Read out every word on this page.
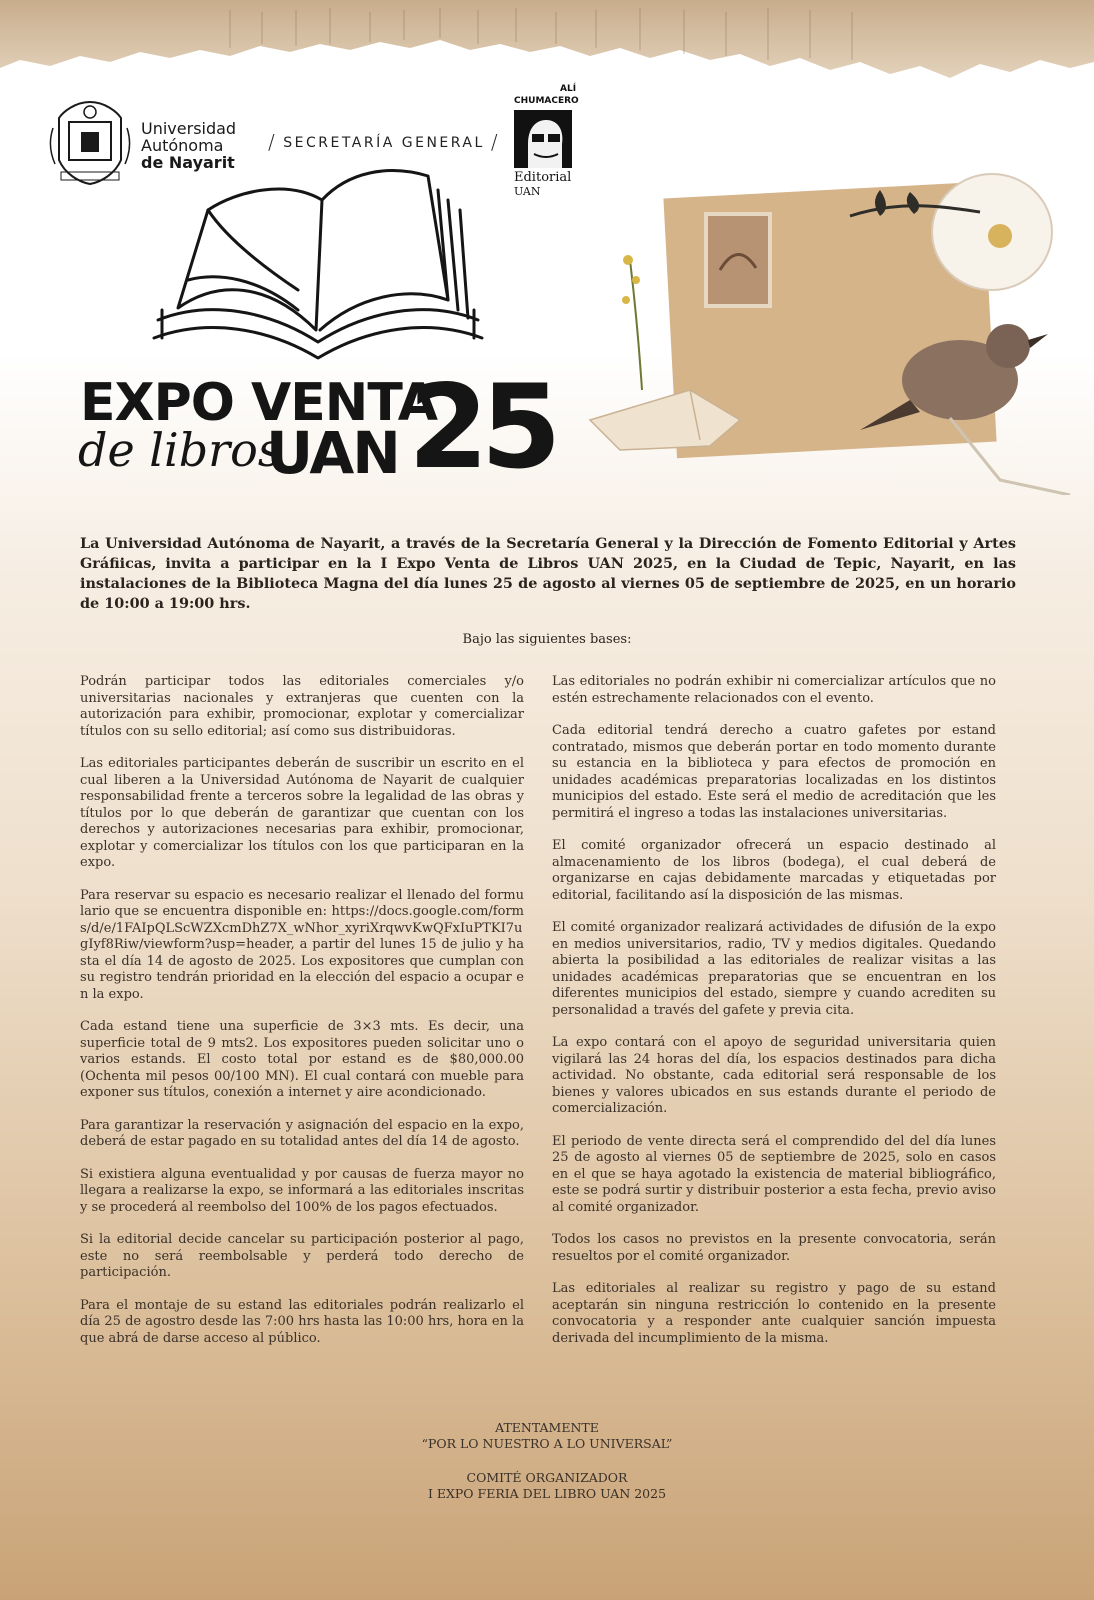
Universidad
Autónoma
de Nayarit
/ SECRETARÍA GENERAL /
ALÍ
CHUMACERO
Editorial
UAN
EXPO VENTA
de libros
UAN 25
La Universidad Autónoma de Nayarit, a través de la Secretaría General y la Dirección de Fomento Editorial y Artes Gráfiicas, invita a participar en la I Expo Venta de Libros UAN 2025, en la Ciudad de Tepic, Nayarit, en las instalaciones de la Biblioteca Magna del día lunes 25 de agosto al viernes 05 de septiembre de 2025, en un horario de 10:00 a 19:00 hrs.
Bajo las siguientes bases:

Podrán participar todos las editoriales comerciales y/o universitarias nacionales y extranjeras que cuenten con la autorización para exhibir, promocionar, explotar y comercializar títulos con su sello editorial; así como sus distribuidoras.

Las editoriales participantes deberán de suscribir un escrito en el cual liberen a la Universidad Autónoma de Nayarit de cualquier responsabilidad frente a terceros sobre la legalidad de las obras y títulos por lo que deberán de garantizar que cuentan con los derechos y autorizaciones necesarias para exhibir, promocionar, explotar y comercializar los títulos con los que participaran en la expo.

Para reservar su espacio es necesario realizar el llenado del formulario que se encuentra disponible en: https://docs.google.com/forms/d/e/1FAIpQLScWZXcmDhZ7X_wNhor_xyriXrqwvKwQFxIuPTKI7ugIyf8Riw/viewform?usp=header, a partir del lunes 15 de julio y hasta el día 14 de agosto de 2025. Los expositores que cumplan con su registro tendrán prioridad en la elección del espacio a ocupar en la expo.

Cada estand tiene una superficie de 3×3 mts. Es decir, una superficie total de 9 mts2. Los expositores pueden solicitar uno o varios estands. El costo total por estand es de $80,000.00 (Ochenta mil pesos 00/100 MN). El cual contará con mueble para exponer sus títulos, conexión a internet y aire acondicionado.

Para garantizar la reservación y asignación del espacio en la expo, deberá de estar pagado en su totalidad antes del día 14 de agosto.

Si existiera alguna eventualidad y por causas de fuerza mayor no llegara a realizarse la expo, se informará a las editoriales inscritas y se procederá al reembolso del 100% de los pagos efectuados.

Si la editorial decide cancelar su participación posterior al pago, este no será reembolsable y perderá todo derecho de participación.

Para el montaje de su estand las editoriales podrán realizarlo el día 25 de agostro desde las 7:00 hrs hasta las 10:00 hrs, hora en la que abrá de darse acceso al público.

Las editoriales no podrán exhibir ni comercializar artículos que no estén estrechamente relacionados con el evento.

Cada editorial tendrá derecho a cuatro gafetes por estand contratado, mismos que deberán portar en todo momento durante su estancia en la biblioteca y para efectos de promoción en unidades académicas preparatorias localizadas en los distintos municipios del estado. Este será el medio de acreditación que les permitirá el ingreso a todas las instalaciones universitarias.

El comité organizador ofrecerá un espacio destinado al almacenamiento de los libros (bodega), el cual deberá de organizarse en cajas debidamente marcadas y etiquetadas por editorial, facilitando así la disposición de las mismas.

El comité organizador realizará actividades de difusión de la expo en medios universitarios, radio, TV y medios digitales. Quedando abierta la posibilidad a las editoriales de realizar visitas a las unidades académicas preparatorias que se encuentran en los diferentes municipios del estado, siempre y cuando acrediten su personalidad a través del gafete y previa cita.

La expo contará con el apoyo de seguridad universitaria quien vigilará las 24 horas del día, los espacios destinados para dicha actividad. No obstante, cada editorial será responsable de los bienes y valores ubicados en sus estands durante el periodo de comercialización.

El periodo de vente directa será el comprendido del del día lunes 25 de agosto al viernes 05 de septiembre de 2025, solo en casos en el que se haya agotado la existencia de material bibliográfico, este se podrá surtir y distribuir posterior a esta fecha, previo aviso al comité organizador.

Todos los casos no previstos en la presente convocatoria, serán resueltos por el comité organizador.

Las editoriales al realizar su registro y pago de su estand aceptarán sin ninguna restricción lo contenido en la presente convocatoria y a responder ante cualquier sanción impuesta derivada del incumplimiento de la misma.

ATENTAMENTE
“POR LO NUESTRO A LO UNIVERSAL”
COMITÉ ORGANIZADOR
I EXPO FERIA DEL LIBRO UAN 2025
